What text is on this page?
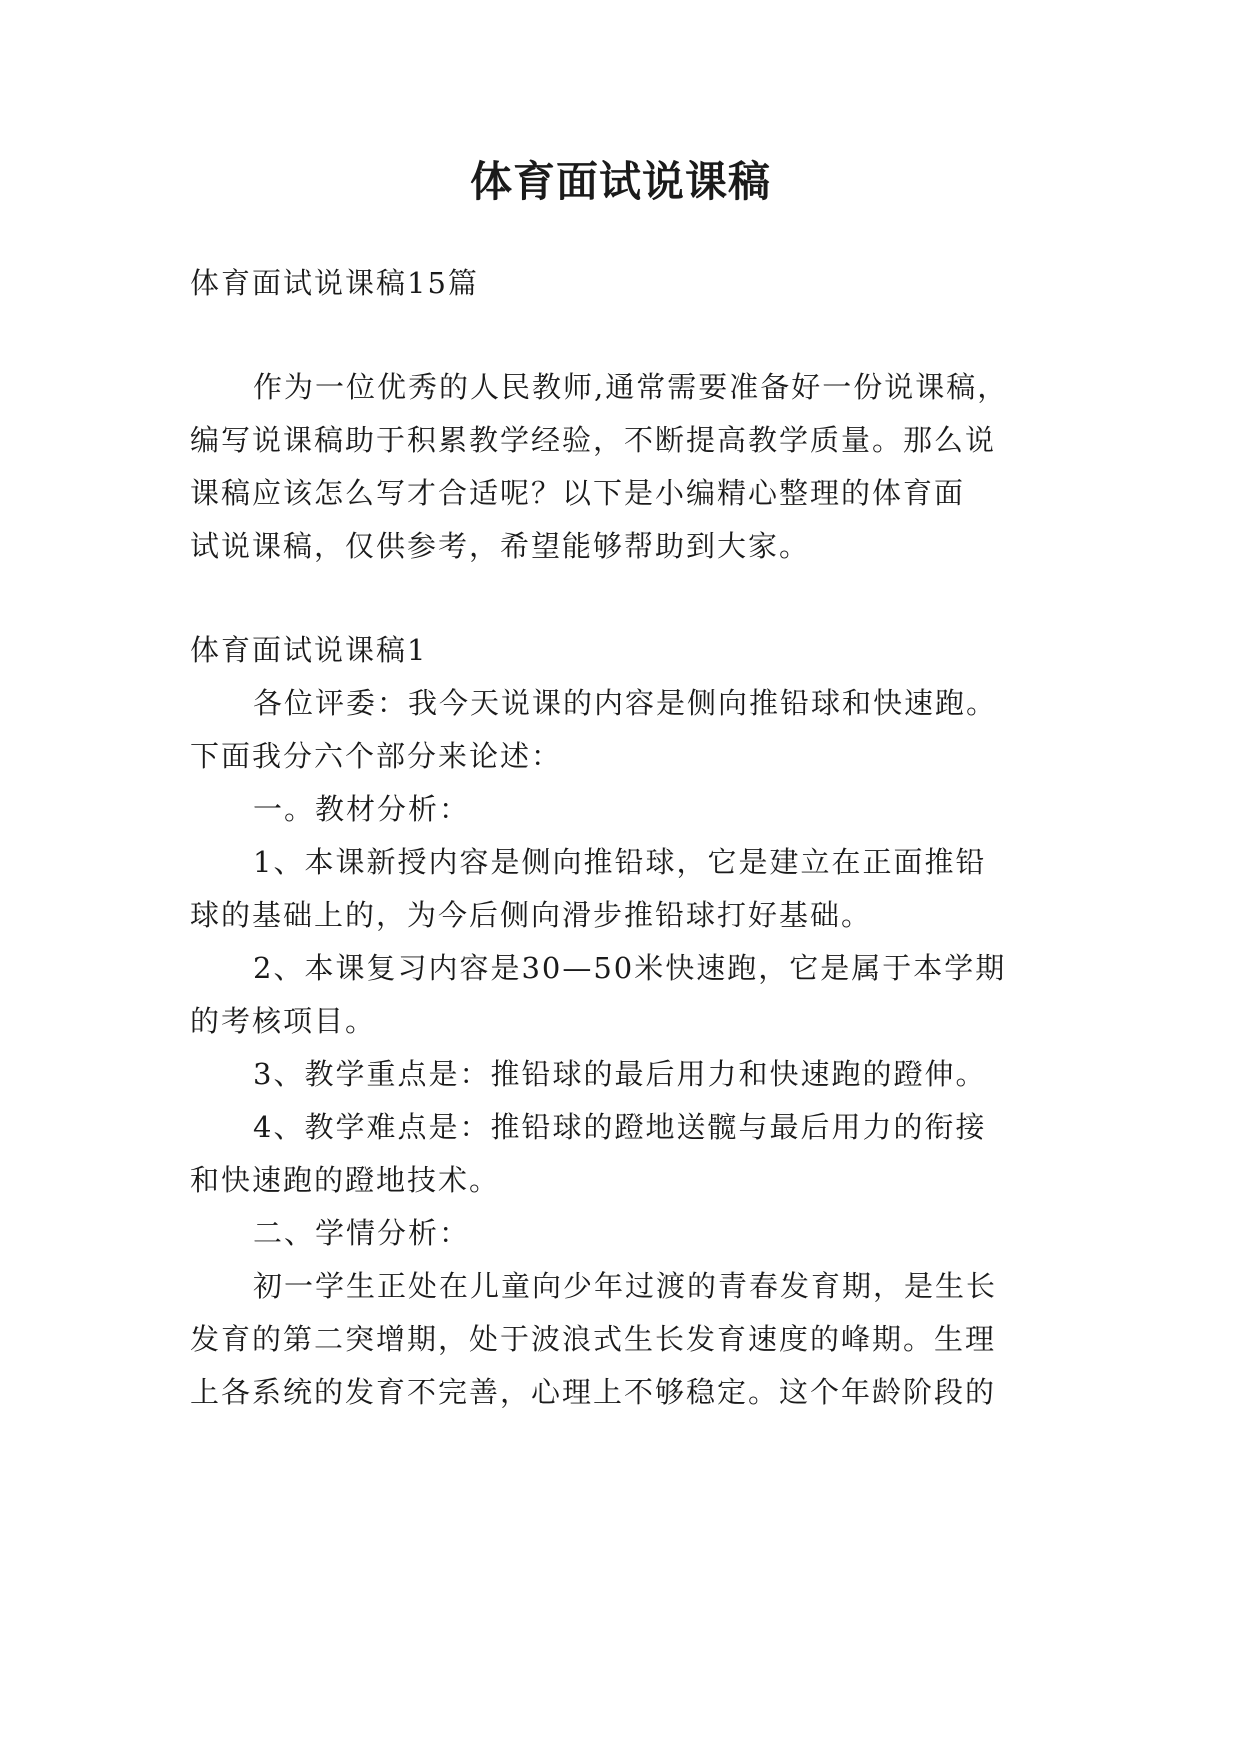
体育面试说课稿

体育面试说课稿15篇

作为一位优秀的人民教师,通常需要准备好一份说课稿，

编写说课稿助于积累教学经验，不断提高教学质量。那么说

课稿应该怎么写才合适呢？以下是小编精心整理的体育面

试说课稿，仅供参考，希望能够帮助到大家。

体育面试说课稿1

各位评委：我今天说课的内容是侧向推铅球和快速跑。

下面我分六个部分来论述：

一。教材分析：

1、本课新授内容是侧向推铅球，它是建立在正面推铅

球的基础上的，为今后侧向滑步推铅球打好基础。

2、本课复习内容是30—50米快速跑，它是属于本学期

的考核项目。

3、教学重点是：推铅球的最后用力和快速跑的蹬伸。

4、教学难点是：推铅球的蹬地送髋与最后用力的衔接

和快速跑的蹬地技术。

二、学情分析：

初一学生正处在儿童向少年过渡的青春发育期，是生长

发育的第二突增期，处于波浪式生长发育速度的峰期。生理

上各系统的发育不完善，心理上不够稳定。这个年龄阶段的
